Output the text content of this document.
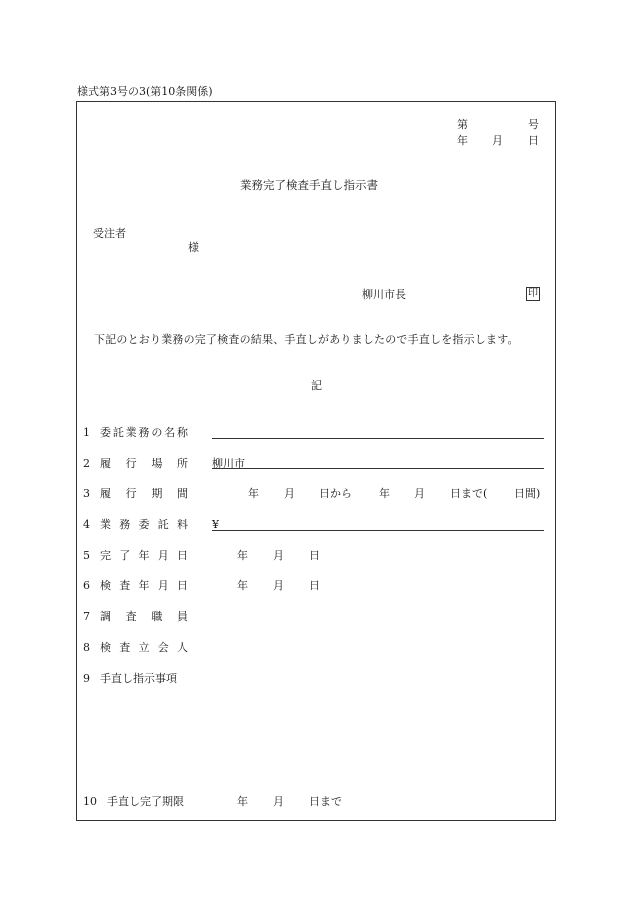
様式第3号の3(第10条関係)
第	号
年 月 日
業務完了検査手直し指示書
受注者
様
柳川市長	印
下記のとおり業務の完了検査の結果、手直しがありましたので手直しを指示します。
記
1 委託業務の名称
2 履行場所 柳川市
3 履行期間	年 月 日から 年 月 日まで( 日間)
4 業務委託料 ¥
5 完了年月日	年 月 日
6 検査年月日	年 月 日
7 調査職員
8 検査立会人
9 手直し指示事項
10 手直し完了期限	年 月 日まで
